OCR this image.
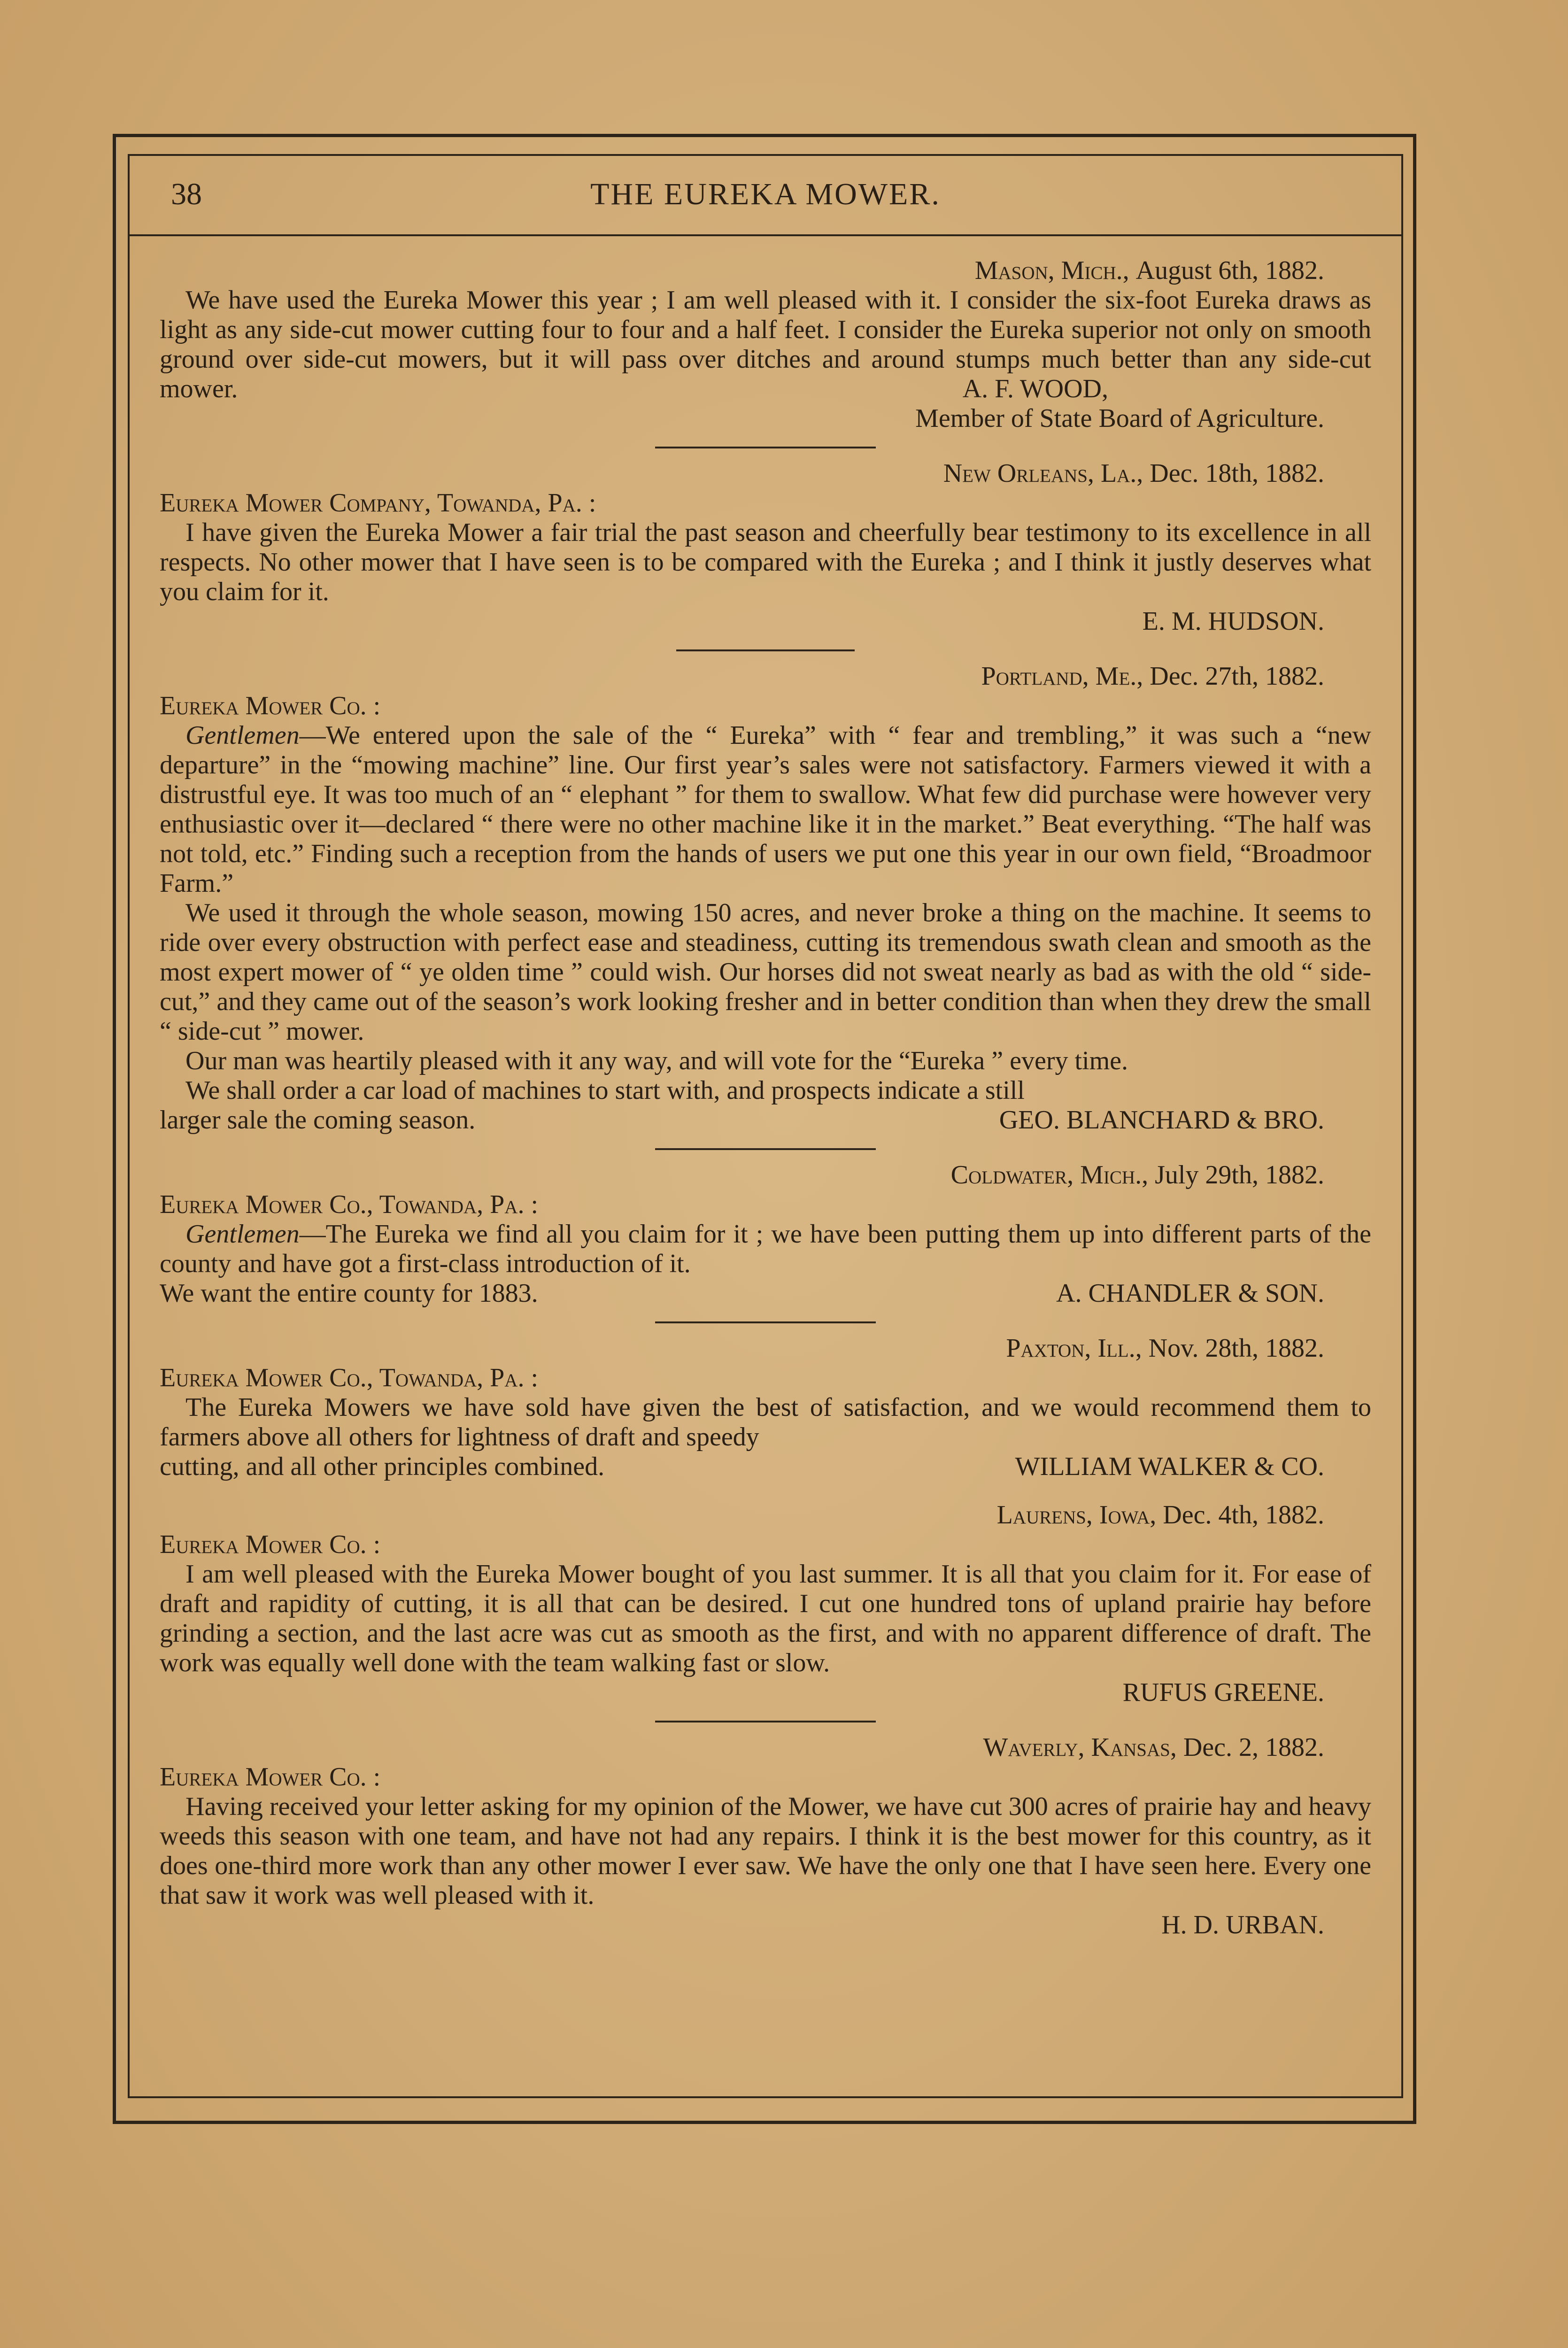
38	THE EUREKA MOWER.
Mason, Mich., August 6th, 1882.

We have used the Eureka Mower this year ; I am well pleased with it. I consider the six-foot Eureka draws as light as any side-cut mower cutting four to four and a half feet. I consider the Eureka superior not only on smooth ground over side-cut mowers, but it will pass over ditches and around stumps much better than any side-cut mower.	A. F. WOOD,
Member of State Board of Agriculture.
New Orleans, La., Dec. 18th, 1882.
Eureka Mower Company, Towanda, Pa. :

I have given the Eureka Mower a fair trial the past season and cheerfully bear testimony to its excellence in all respects. No other mower that I have seen is to be compared with the Eureka ; and I think it justly deserves what you claim for it.

E. M. HUDSON.
Portland, Me., Dec. 27th, 1882.
Eureka Mower Co. :

Gentlemen—We entered upon the sale of the “ Eureka” with “ fear and trembling,” it was such a “new departure” in the “mowing machine” line. Our first year’s sales were not satisfactory. Farmers viewed it with a distrustful eye. It was too much of an “ elephant ” for them to swallow. What few did purchase were however very enthusiastic over it—declared “ there were no other machine like it in the market.” Beat everything. “The half was not told, etc.” Finding such a reception from the hands of users we put one this year in our own field, “Broadmoor Farm.”

We used it through the whole season, mowing 150 acres, and never broke a thing on the machine. It seems to ride over every obstruction with perfect ease and steadiness, cutting its tremendous swath clean and smooth as the most expert mower of “ ye olden time ” could wish. Our horses did not sweat nearly as bad as with the old “ side-cut,” and they came out of the season’s work looking fresher and in better condition than when they drew the small “ side-cut ” mower.

Our man was heartily pleased with it any way, and will vote for the “Eureka ” every time.

We shall order a car load of machines to start with, and prospects indicate a still

larger sale the coming season.	GEO. BLANCHARD & BRO.
Coldwater, Mich., July 29th, 1882.
Eureka Mower Co., Towanda, Pa. :

Gentlemen—The Eureka we find all you claim for it ; we have been putting them up into different parts of the county and have got a first-class introduction of it.

We want the entire county for 1883.	A. CHANDLER & SON.
Paxton, Ill., Nov. 28th, 1882.
Eureka Mower Co., Towanda, Pa. :

The Eureka Mowers we have sold have given the best of satisfaction, and we would recommend them to farmers above all others for lightness of draft and speedy

cutting, and all other principles combined.	WILLIAM WALKER & CO.
Laurens, Iowa, Dec. 4th, 1882.
Eureka Mower Co. :

I am well pleased with the Eureka Mower bought of you last summer. It is all that you claim for it. For ease of draft and rapidity of cutting, it is all that can be desired. I cut one hundred tons of upland prairie hay before grinding a section, and the last acre was cut as smooth as the first, and with no apparent difference of draft. The work was equally well done with the team walking fast or slow.

RUFUS GREENE.
Waverly, Kansas, Dec. 2, 1882.
Eureka Mower Co. :

Having received your letter asking for my opinion of the Mower, we have cut 300 acres of prairie hay and heavy weeds this season with one team, and have not had any repairs. I think it is the best mower for this country, as it does one-third more work than any other mower I ever saw. We have the only one that I have seen here. Every one that saw it work was well pleased with it.

H. D. URBAN.
